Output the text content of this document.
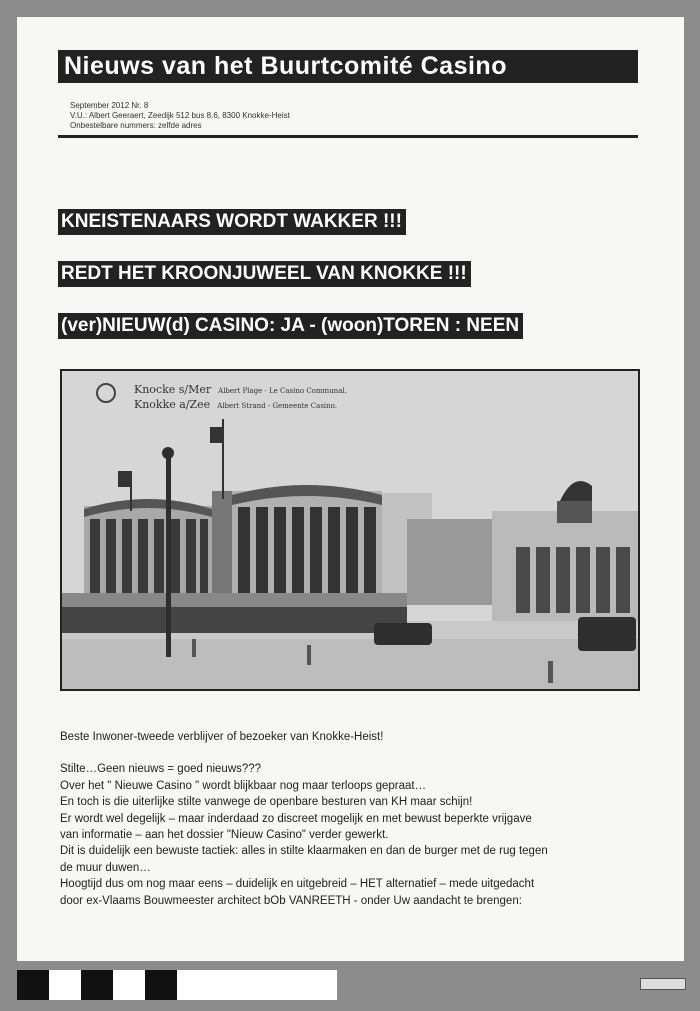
Nieuws van het Buurtcomité Casino
September 2012 Nr. 8
V.U.: Albert Geeraert, Zeedijk 512 bus 8.6, 8300 Knokke-Heist
Onbestelbare nummers: zelfde adres
KNEISTENAARS WORDT WAKKER !!!
REDT HET KROONJUWEEL VAN KNOKKE !!!
(ver)NIEUW(d) CASINO: JA - (woon)TOREN : NEEN
Knocke s/Mer Albert Plage - Le Casino Communal.
Knokke a/Zee Albert Strand - Gemeente Casino.

Beste Inwoner-tweede verblijver of bezoeker van Knokke-Heist!

Stilte…Geen nieuws = goed nieuws???

Over het " Nieuwe Casino " wordt blijkbaar nog maar terloops gepraat…

En toch is die uiterlijke stilte vanwege de openbare besturen van KH maar schijn!

Er wordt wel degelijk – maar inderdaad zo discreet mogelijk en met bewust beperkte vrijgave

van informatie – aan het dossier "Nieuw Casino" verder gewerkt.

Dit is duidelijk een bewuste tactiek: alles in stilte klaarmaken en dan de burger met de rug tegen

de muur duwen…

Hoogtijd dus om nog maar eens – duidelijk en uitgebreid – HET alternatief – mede uitgedacht

door ex-Vlaams Bouwmeester architect bOb VANREETH - onder Uw aandacht te brengen:
